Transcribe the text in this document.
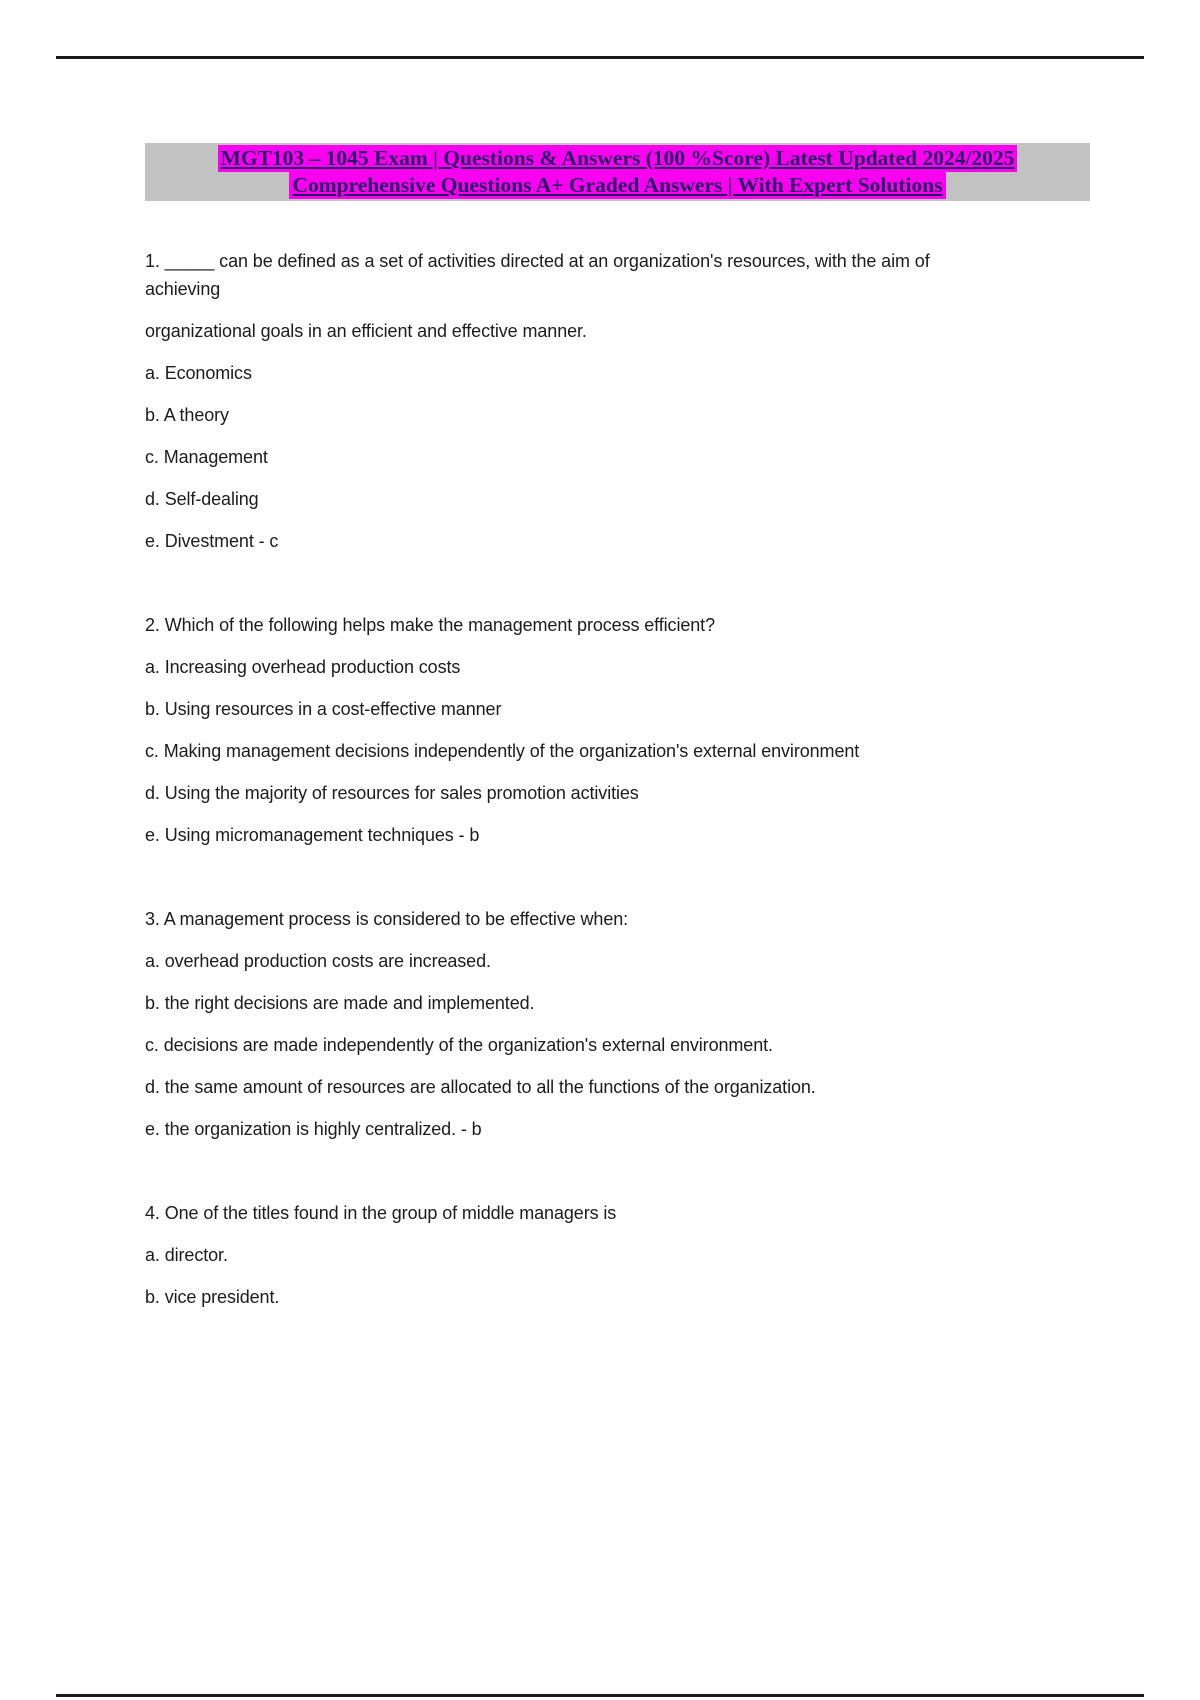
MGT103 – 1045 Exam | Questions & Answers (100 %Score) Latest Updated 2024/2025
Comprehensive Questions A+ Graded Answers | With Expert Solutions

1. _____ can be defined as a set of activities directed at an organization's resources, with the aim of

achieving

organizational goals in an efficient and effective manner.

a. Economics

b. A theory

c. Management

d. Self-dealing

e. Divestment - c

2. Which of the following helps make the management process efficient?

a. Increasing overhead production costs

b. Using resources in a cost-effective manner

c. Making management decisions independently of the organization's external environment

d. Using the majority of resources for sales promotion activities

e. Using micromanagement techniques - b

3. A management process is considered to be effective when:

a. overhead production costs are increased.

b. the right decisions are made and implemented.

c. decisions are made independently of the organization's external environment.

d. the same amount of resources are allocated to all the functions of the organization.

e. the organization is highly centralized. - b

4. One of the titles found in the group of middle managers is

a. director.

b. vice president.
